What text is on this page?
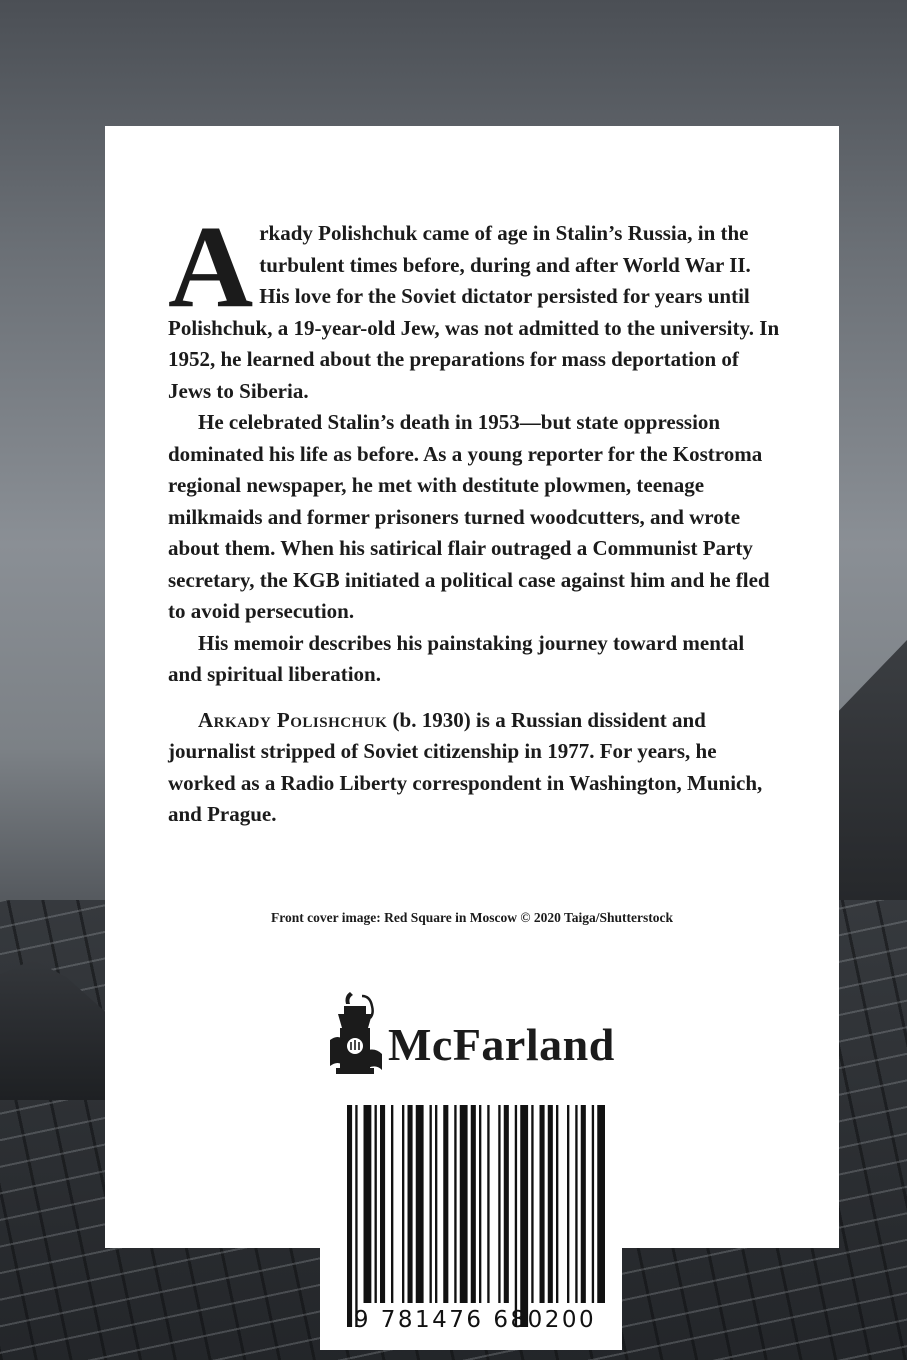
Arkady Polishchuk came of age in Stalin’s Russia, in the turbulent times before, during and after World War II. His love for the Soviet dictator persisted for years until Polishchuk, a 19-year-old Jew, was not admitted to the university. In 1952, he learned about the preparations for mass deportation of Jews to Siberia.

He celebrated Stalin’s death in 1953—but state oppression dominated his life as before. As a young reporter for the Kostroma regional newspaper, he met with destitute plowmen, teenage milkmaids and former prisoners turned woodcutters, and wrote about them. When his satirical flair outraged a Communist Party secretary, the KGB initiated a political case against him and he fled to avoid persecution.

His memoir describes his painstaking journey toward mental and spiritual liberation.

Arkady Polishchuk (b. 1930) is a Russian dissident and journalist stripped of Soviet citizenship in 1977. For years, he worked as a Radio Liberty correspondent in Washington, Munich, and Prague.

Front cover image: Red Square in Moscow © 2020 Taiga/Shutterstock
McFarland
9 781476 680200
